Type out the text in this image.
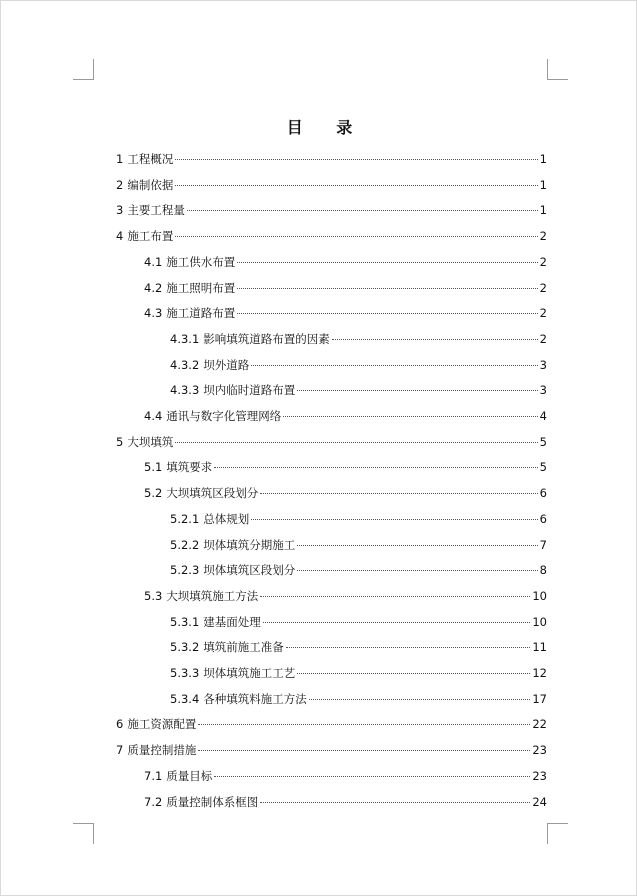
目 录
1 工程概况	1
2 编制依据	1
3 主要工程量	1
4 施工布置	2
4.1 施工供水布置	2
4.2 施工照明布置	2
4.3 施工道路布置	2
4.3.1 影响填筑道路布置的因素	2
4.3.2 坝外道路	3
4.3.3 坝内临时道路布置	3
4.4 通讯与数字化管理网络	4
5 大坝填筑	5
5.1 填筑要求	5
5.2 大坝填筑区段划分	6
5.2.1 总体规划	6
5.2.2 坝体填筑分期施工	7
5.2.3 坝体填筑区段划分	8
5.3 大坝填筑施工方法	10
5.3.1 建基面处理	10
5.3.2 填筑前施工准备	11
5.3.3 坝体填筑施工工艺	12
5.3.4 各种填筑料施工方法	17
6 施工资源配置	22
7 质量控制措施	23
7.1 质量目标	23
7.2 质量控制体系框图	24
